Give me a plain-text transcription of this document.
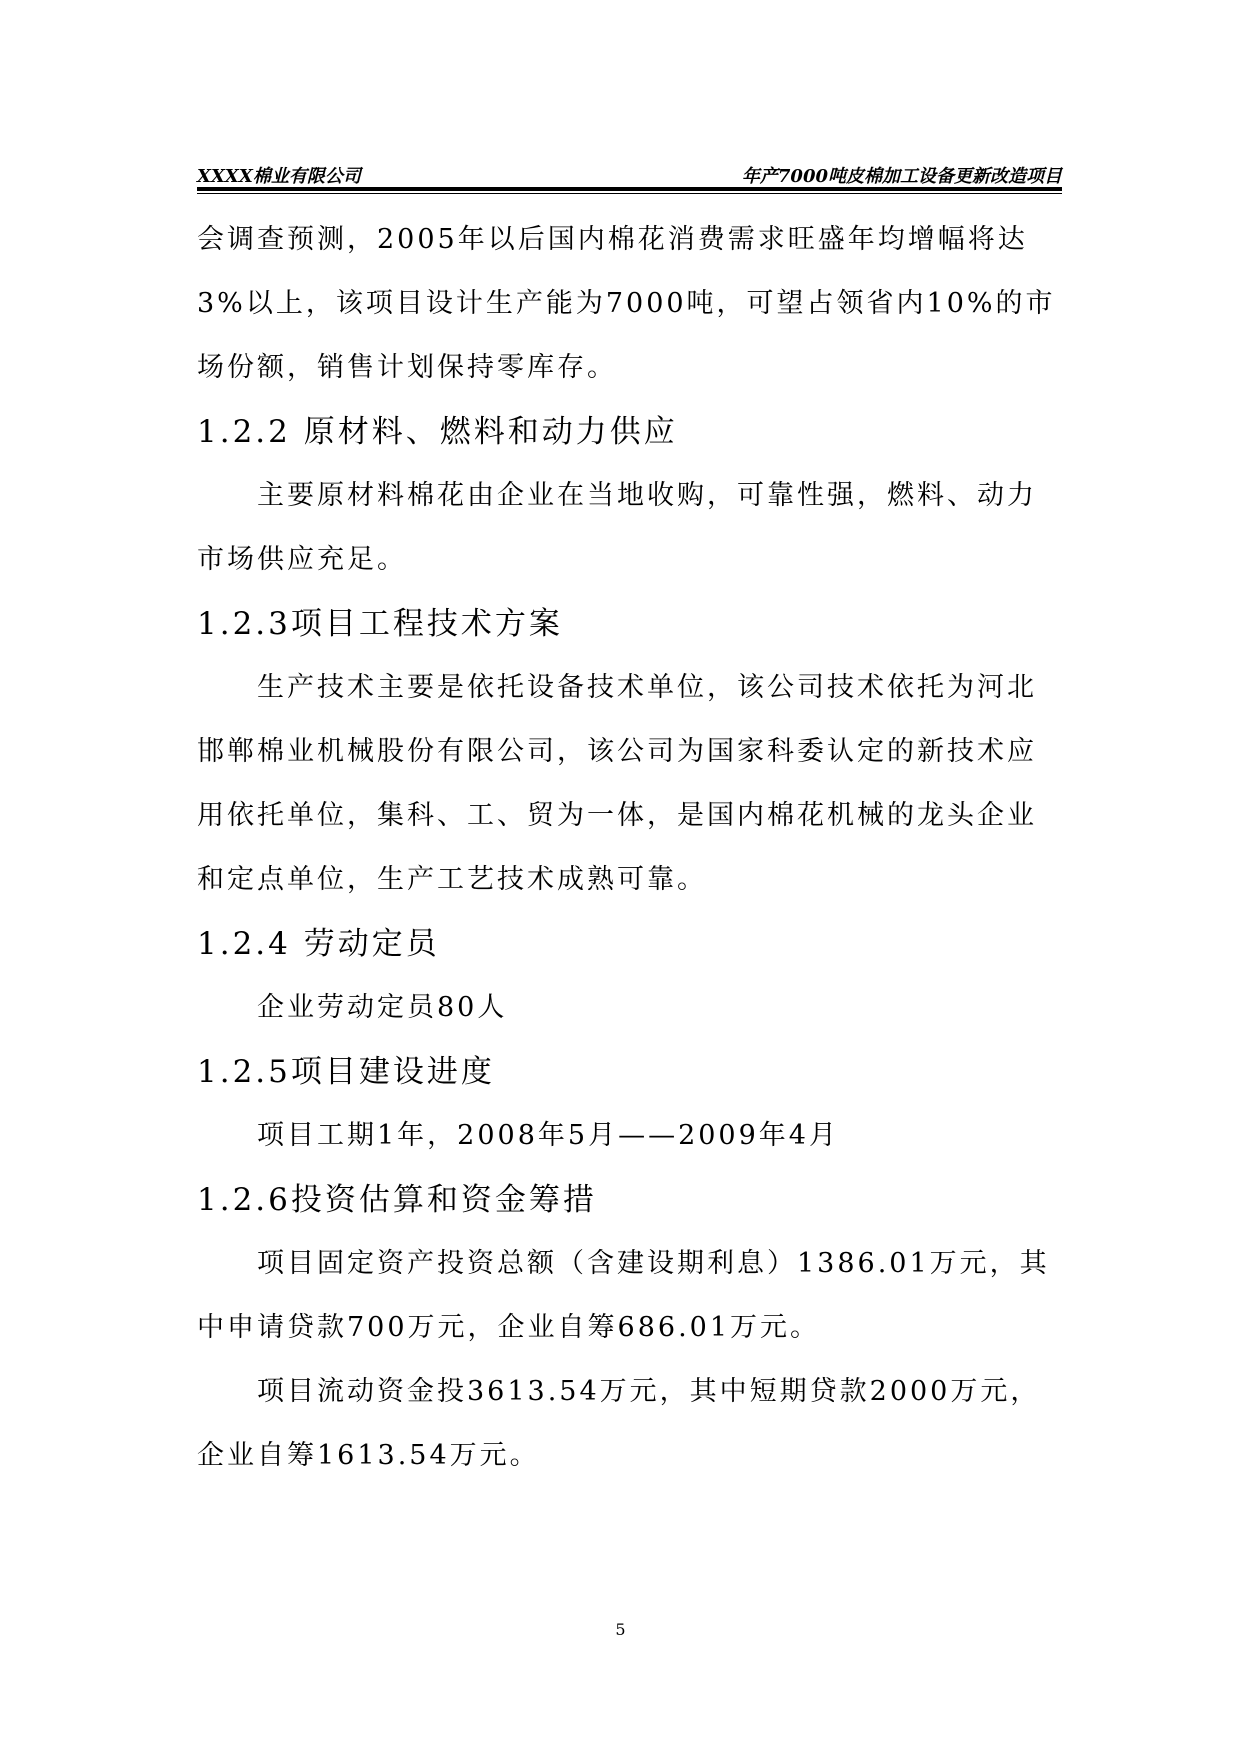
XXXX棉业有限公司	年产7000吨皮棉加工设备更新改造项目

会调查预测，2005年以后国内棉花消费需求旺盛年均增幅将达3%以上，该项目设计生产能为7000吨，可望占领省内10%的市场份额，销售计划保持零库存。

1.2.2 原材料、燃料和动力供应

主要原材料棉花由企业在当地收购，可靠性强，燃料、动力市场供应充足。

1.2.3项目工程技术方案

生产技术主要是依托设备技术单位，该公司技术依托为河北邯郸棉业机械股份有限公司，该公司为国家科委认定的新技术应用依托单位，集科、工、贸为一体，是国内棉花机械的龙头企业和定点单位，生产工艺技术成熟可靠。

1.2.4 劳动定员

企业劳动定员80人

1.2.5项目建设进度

项目工期1年，2008年5月——2009年4月

1.2.6投资估算和资金筹措

项目固定资产投资总额（含建设期利息）1386.01万元，其中申请贷款700万元，企业自筹686.01万元。

项目流动资金投3613.54万元，其中短期贷款2000万元，企业自筹1613.54万元。

5
